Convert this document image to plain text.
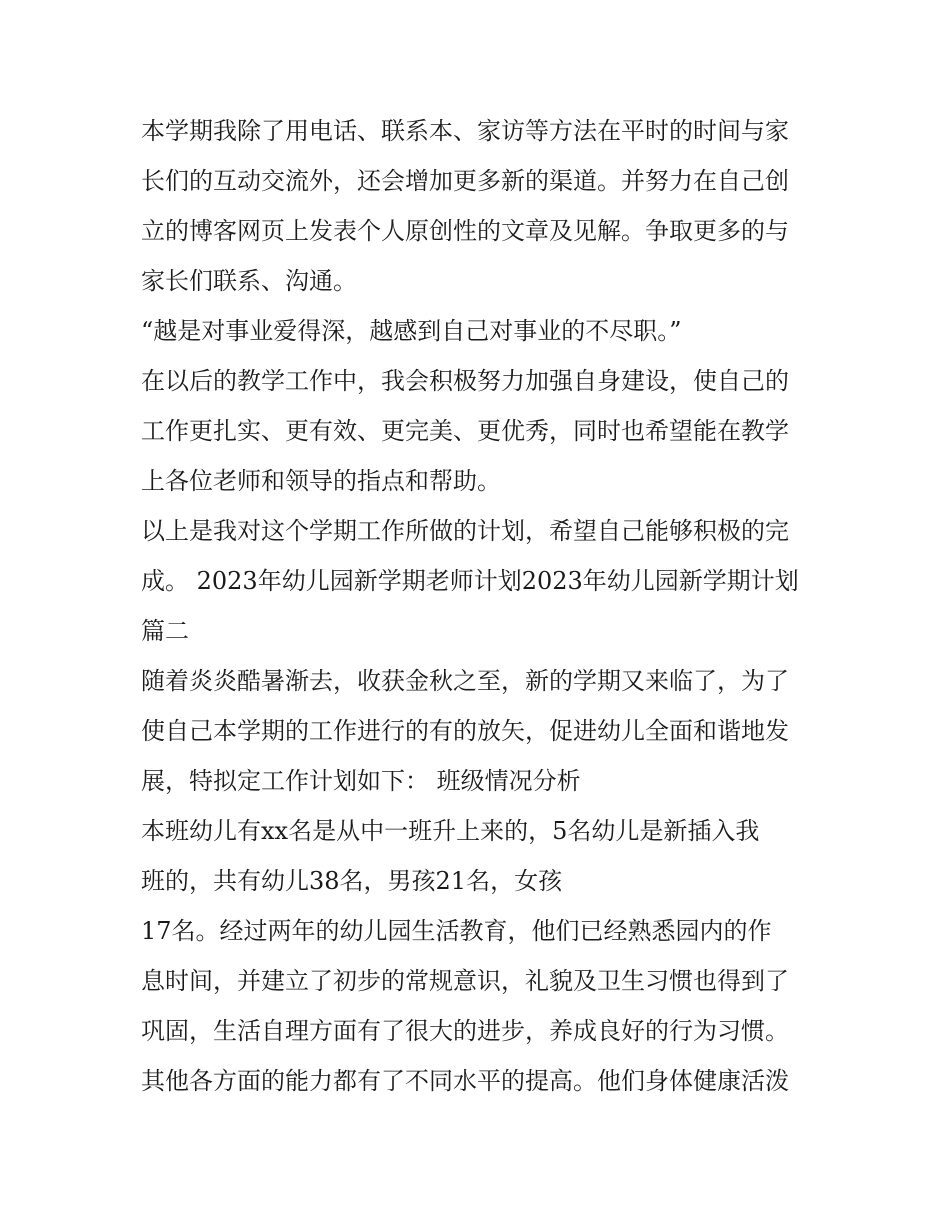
本学期我除了用电话、联系本、家访等方法在平时的时间与家
长们的互动交流外，还会增加更多新的渠道。并努力在自己创
立的博客网页上发表个人原创性的文章及见解。争取更多的与
家长们联系、沟通。
“越是对事业爱得深，越感到自己对事业的不尽职。”
在以后的教学工作中，我会积极努力加强自身建设，使自己的
工作更扎实、更有效、更完美、更优秀，同时也希望能在教学
上各位老师和领导的指点和帮助。
以上是我对这个学期工作所做的计划，希望自己能够积极的完
成。 2023年幼儿园新学期老师计划2023年幼儿园新学期计划
篇二
随着炎炎酷暑渐去，收获金秋之至，新的学期又来临了，为了
使自己本学期的工作进行的有的放矢，促进幼儿全面和谐地发
展，特拟定工作计划如下： 班级情况分析
本班幼儿有xx名是从中一班升上来的，5名幼儿是新插入我
班的，共有幼儿38名，男孩21名，女孩
17名。经过两年的幼儿园生活教育，他们已经熟悉园内的作
息时间，并建立了初步的常规意识，礼貌及卫生习惯也得到了
巩固，生活自理方面有了很大的进步，养成良好的行为习惯。
其他各方面的能力都有了不同水平的提高。他们身体健康活泼
